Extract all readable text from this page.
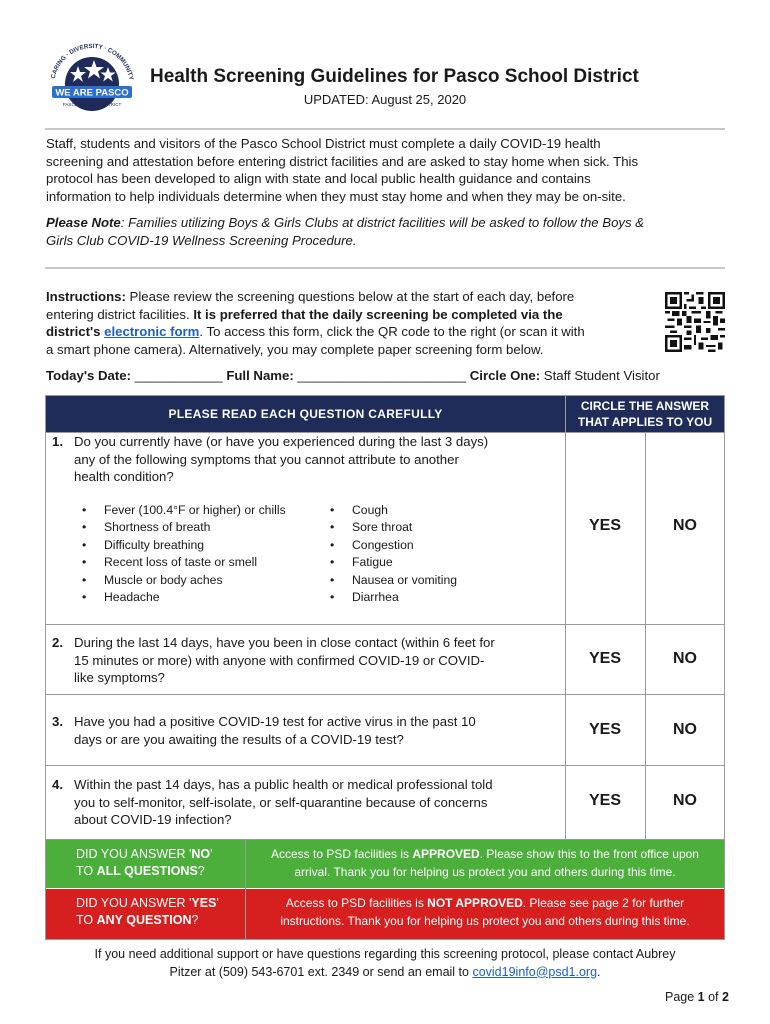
CARING · DIVERSITY · COMMUNITY
WE ARE PASCO
PASCO SCHOOL DISTRICT
Health Screening Guidelines for Pasco School District
UPDATED: August 25, 2020
Staff, students and visitors of the Pasco School District must complete a daily COVID-19 health
screening and attestation before entering district facilities and are asked to stay home when sick. This
protocol has been developed to align with state and local public health guidance and contains
information to help individuals determine when they must stay home and when they may be on-site.
Please Note: Families utilizing Boys & Girls Clubs at district facilities will be asked to follow the Boys &
Girls Club COVID-19 Wellness Screening Procedure.
Instructions: Please review the screening questions below at the start of each day, before
entering district facilities. It is preferred that the daily screening be completed via the
district's electronic form. To access this form, click the QR code to the right (or scan it with
a smart phone camera). Alternatively, you may complete paper screening form below.
Today's Date: ____________ Full Name: _______________________ Circle One: Staff Student Visitor
PLEASE READ EACH QUESTION CAREFULLY
CIRCLE THE ANSWER
THAT APPLIES TO YOU
1. Do you currently have (or have you experienced during the last 3 days)
any of the following symptoms that you cannot attribute to another
health condition?
• Fever (100.4°F or higher) or chills
• Shortness of breath
• Difficulty breathing
• Recent loss of taste or smell
• Muscle or body aches
• Headache
• Cough
• Sore throat
• Congestion
• Fatigue
• Nausea or vomiting
• Diarrhea
YES	NO
2. During the last 14 days, have you been in close contact (within 6 feet for
15 minutes or more) with anyone with confirmed COVID-19 or COVID-
like symptoms?
YES	NO
3. Have you had a positive COVID-19 test for active virus in the past 10
days or are you awaiting the results of a COVID-19 test?
YES	NO
4. Within the past 14 days, has a public health or medical professional told
you to self-monitor, self-isolate, or self-quarantine because of concerns
about COVID-19 infection?
YES	NO
DID YOU ANSWER 'NO'
TO ALL QUESTIONS?
Access to PSD facilities is APPROVED. Please show this to the front office upon
arrival. Thank you for helping us protect you and others during this time.
DID YOU ANSWER 'YES'
TO ANY QUESTION?
Access to PSD facilities is NOT APPROVED. Please see page 2 for further
instructions. Thank you for helping us protect you and others during this time.
If you need additional support or have questions regarding this screening protocol, please contact Aubrey
Pitzer at (509) 543-6701 ext. 2349 or send an email to covid19info@psd1.org.
Page 1 of 2
